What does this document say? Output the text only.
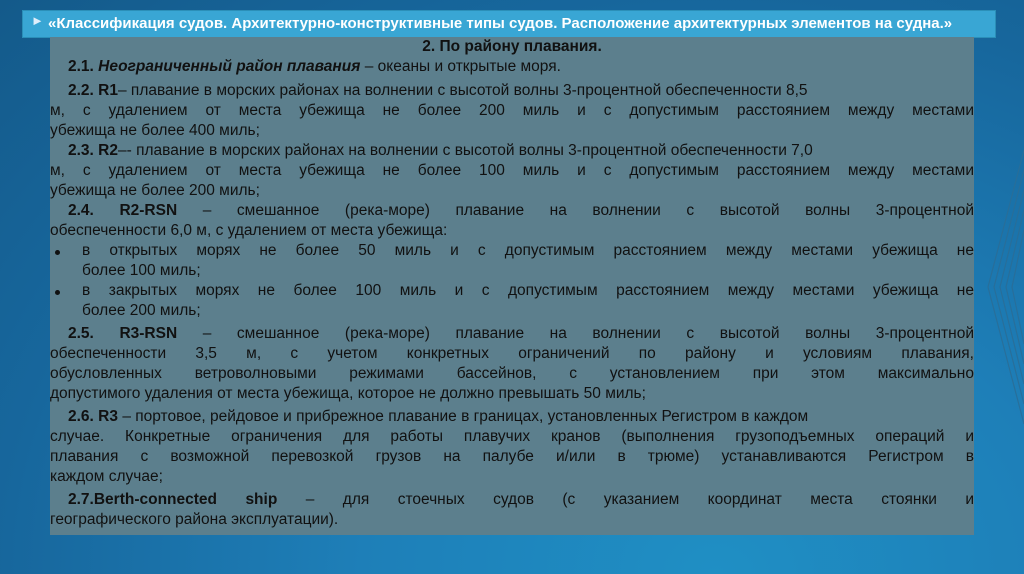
► «Классификация судов. Архитектурно-конструктивные типы судов. Расположение архитектурных элементов на судна.»
2. По району плавания.
2.1. Неограниченный район плавания – океаны и открытые моря.
2.2. R1– плавание в морских районах на волнении с высотой волны 3-процентной обеспеченности 8,5
м, с удалением от места убежища не более 200 миль и с допустимым расстоянием между местами
убежища не более 400 миль;
2.3. R2–- плавание в морских районах на волнении с высотой волны 3-процентной обеспеченности 7,0
м, с удалением от места убежища не более 100 миль и с допустимым расстоянием между местами
убежища не более 200 миль;
2.4. R2-RSN – смешанное (река-море) плавание на волнении с высотой волны 3-процентной
обеспеченности 6,0 м, с удалением от места убежища:
в открытых морях не более 50 миль и с допустимым расстоянием между местами убежища не
более 100 миль;
в закрытых морях не более 100 миль и с допустимым расстоянием между местами убежища не
более 200 миль;
2.5. R3-RSN – смешанное (река-море) плавание на волнении с высотой волны 3-процентной
обеспеченности 3,5 м, с учетом конкретных ограничений по району и условиям плавания,
обусловленных ветроволновыми режимами бассейнов, с установлением при этом максимально
допустимого удаления от места убежища, которое не должно превышать 50 миль;
2.6. R3 – портовое, рейдовое и прибрежное плавание в границах, установленных Регистром в каждом
случае. Конкретные ограничения для работы плавучих кранов (выполнения грузоподъемных операций и
плавания с возможной перевозкой грузов на палубе и/или в трюме) устанавливаются Регистром в
каждом случае;
2.7.Berth-connected ship – для стоечных судов (с указанием координат места стоянки и
географического района эксплуатации).
